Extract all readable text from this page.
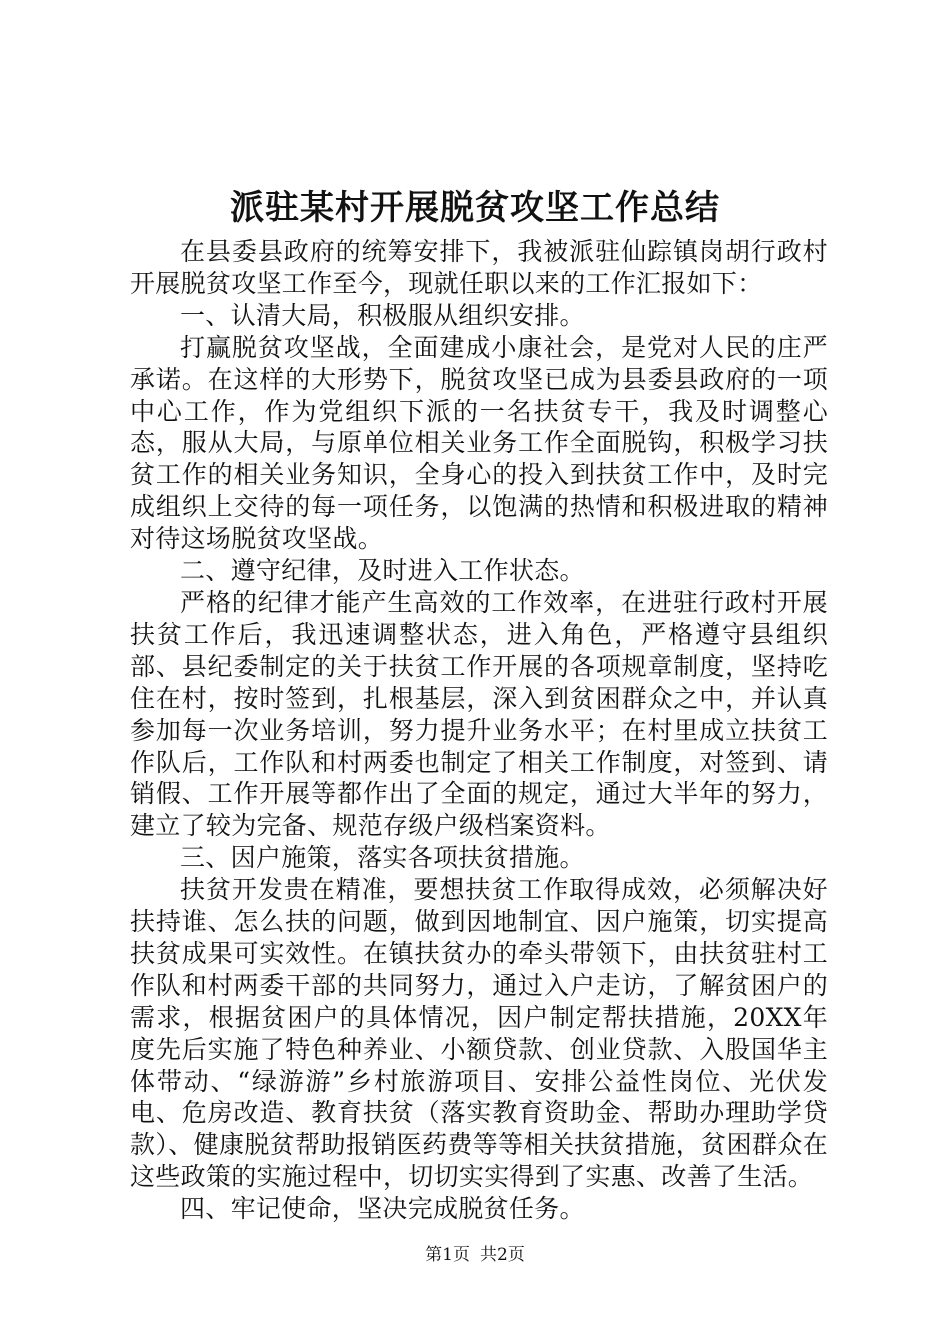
派驻某村开展脱贫攻坚工作总结

在县委县政府的统筹安排下，我被派驻仙踪镇岗胡行政村开展脱贫攻坚工作至今，现就任职以来的工作汇报如下：

一、认清大局，积极服从组织安排。

打赢脱贫攻坚战，全面建成小康社会，是党对人民的庄严承诺。在这样的大形势下，脱贫攻坚已成为县委县政府的一项中心工作，作为党组织下派的一名扶贫专干，我及时调整心态，服从大局，与原单位相关业务工作全面脱钩，积极学习扶贫工作的相关业务知识，全身心的投入到扶贫工作中，及时完成组织上交待的每一项任务，以饱满的热情和积极进取的精神对待这场脱贫攻坚战。

二、遵守纪律，及时进入工作状态。

严格的纪律才能产生高效的工作效率，在进驻行政村开展扶贫工作后，我迅速调整状态，进入角色，严格遵守县组织部、县纪委制定的关于扶贫工作开展的各项规章制度，坚持吃住在村，按时签到，扎根基层，深入到贫困群众之中，并认真参加每一次业务培训，努力提升业务水平；在村里成立扶贫工作队后，工作队和村两委也制定了相关工作制度，对签到、请销假、工作开展等都作出了全面的规定，通过大半年的努力，建立了较为完备、规范存级户级档案资料。

三、因户施策，落实各项扶贫措施。

扶贫开发贵在精准，要想扶贫工作取得成效，必须解决好扶持谁、怎么扶的问题，做到因地制宜、因户施策，切实提高扶贫成果可实效性。在镇扶贫办的牵头带领下，由扶贫驻村工作队和村两委干部的共同努力，通过入户走访，了解贫困户的需求，根据贫困户的具体情况，因户制定帮扶措施，20XX年度先后实施了特色种养业、小额贷款、创业贷款、入股国华主体带动、“绿游游”乡村旅游项目、安排公益性岗位、光伏发电、危房改造、教育扶贫（落实教育资助金、帮助办理助学贷款）、健康脱贫帮助报销医药费等等相关扶贫措施，贫困群众在这些政策的实施过程中，切切实实得到了实惠、改善了生活。

四、牢记使命，坚决完成脱贫任务。

第1页 共2页
